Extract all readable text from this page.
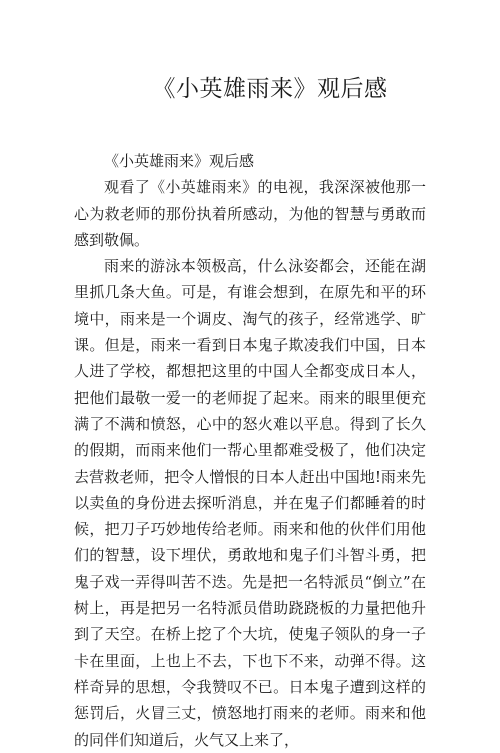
《小英雄雨来》观后感

《小英雄雨来》观后感

观看了《小英雄雨来》的电视，我深深被他那一心为救老师的那份执着所感动，为他的智慧与勇敢而感到敬佩。

雨来的游泳本领极高，什么泳姿都会，还能在湖里抓几条大鱼。可是，有谁会想到，在原先和平的环境中，雨来是一个调皮、淘气的孩子，经常逃学、旷课。但是，雨来一看到日本鬼子欺凌我们中国，日本人进了学校，都想把这里的中国人全都变成日本人，把他们最敬一爱一的老师捉了起来。雨来的眼里便充满了不满和愤怒，心中的怒火难以平息。得到了长久的假期，而雨来他们一帮心里都难受极了，他们决定去营救老师，把令人憎恨的日本人赶出中国地!雨来先以卖鱼的身份进去探听消息，并在鬼子们都睡着的时候，把刀子巧妙地传给老师。雨来和他的伙伴们用他们的智慧，设下埋伏，勇敢地和鬼子们斗智斗勇，把鬼子戏一弄得叫苦不迭。先是把一名特派员“倒立”在树上，再是把另一名特派员借助跷跷板的力量把他升到了天空。在桥上挖了个大坑，使鬼子领队的身一子卡在里面，上也上不去，下也下不来，动弹不得。这样奇异的思想，令我赞叹不已。日本鬼子遭到这样的惩罚后，火冒三丈，愤怒地打雨来的老师。雨来和他的同伴们知道后，火气又上来了，
